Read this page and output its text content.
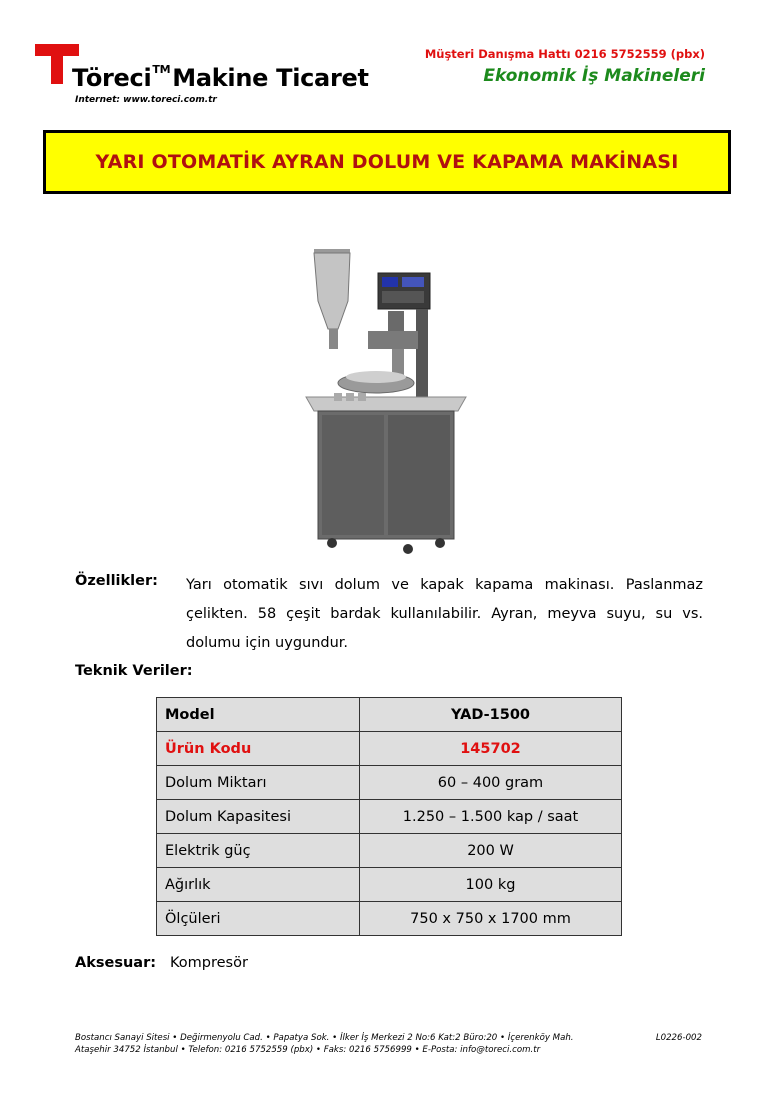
Töreci™Makine Ticaret
Internet: www.toreci.com.tr
Müşteri Danışma Hattı 0216 5752559 (pbx)
Ekonomik İş Makineleri
YARI OTOMATİK AYRAN DOLUM VE KAPAMA MAKİNASI
Özellikler: Yarı otomatik sıvı dolum ve kapak kapama makinası. Paslanmaz çelikten. 58 çeşit bardak kullanılabilir. Ayran, meyva suyu, su vs. dolumu için uygundur.
Teknik Veriler:
Model	YAD-1500
Ürün Kodu	145702
Dolum Miktarı	60 – 400 gram
Dolum Kapasitesi	1.250 – 1.500 kap / saat
Elektrik güç	200 W
Ağırlık	100 kg
Ölçüleri	750 x 750 x 1700 mm
Aksesuar: Kompresör
Bostancı Sanayi Sitesi • Değirmenyolu Cad. • Papatya Sok. • İlker İş Merkezi 2 No:6 Kat:2 Büro:20 • İçerenköy Mah.
Ataşehir 34752 İstanbul • Telefon: 0216 5752559 (pbx) • Faks: 0216 5756999 • E-Posta: info@toreci.com.tr
L0226-002
